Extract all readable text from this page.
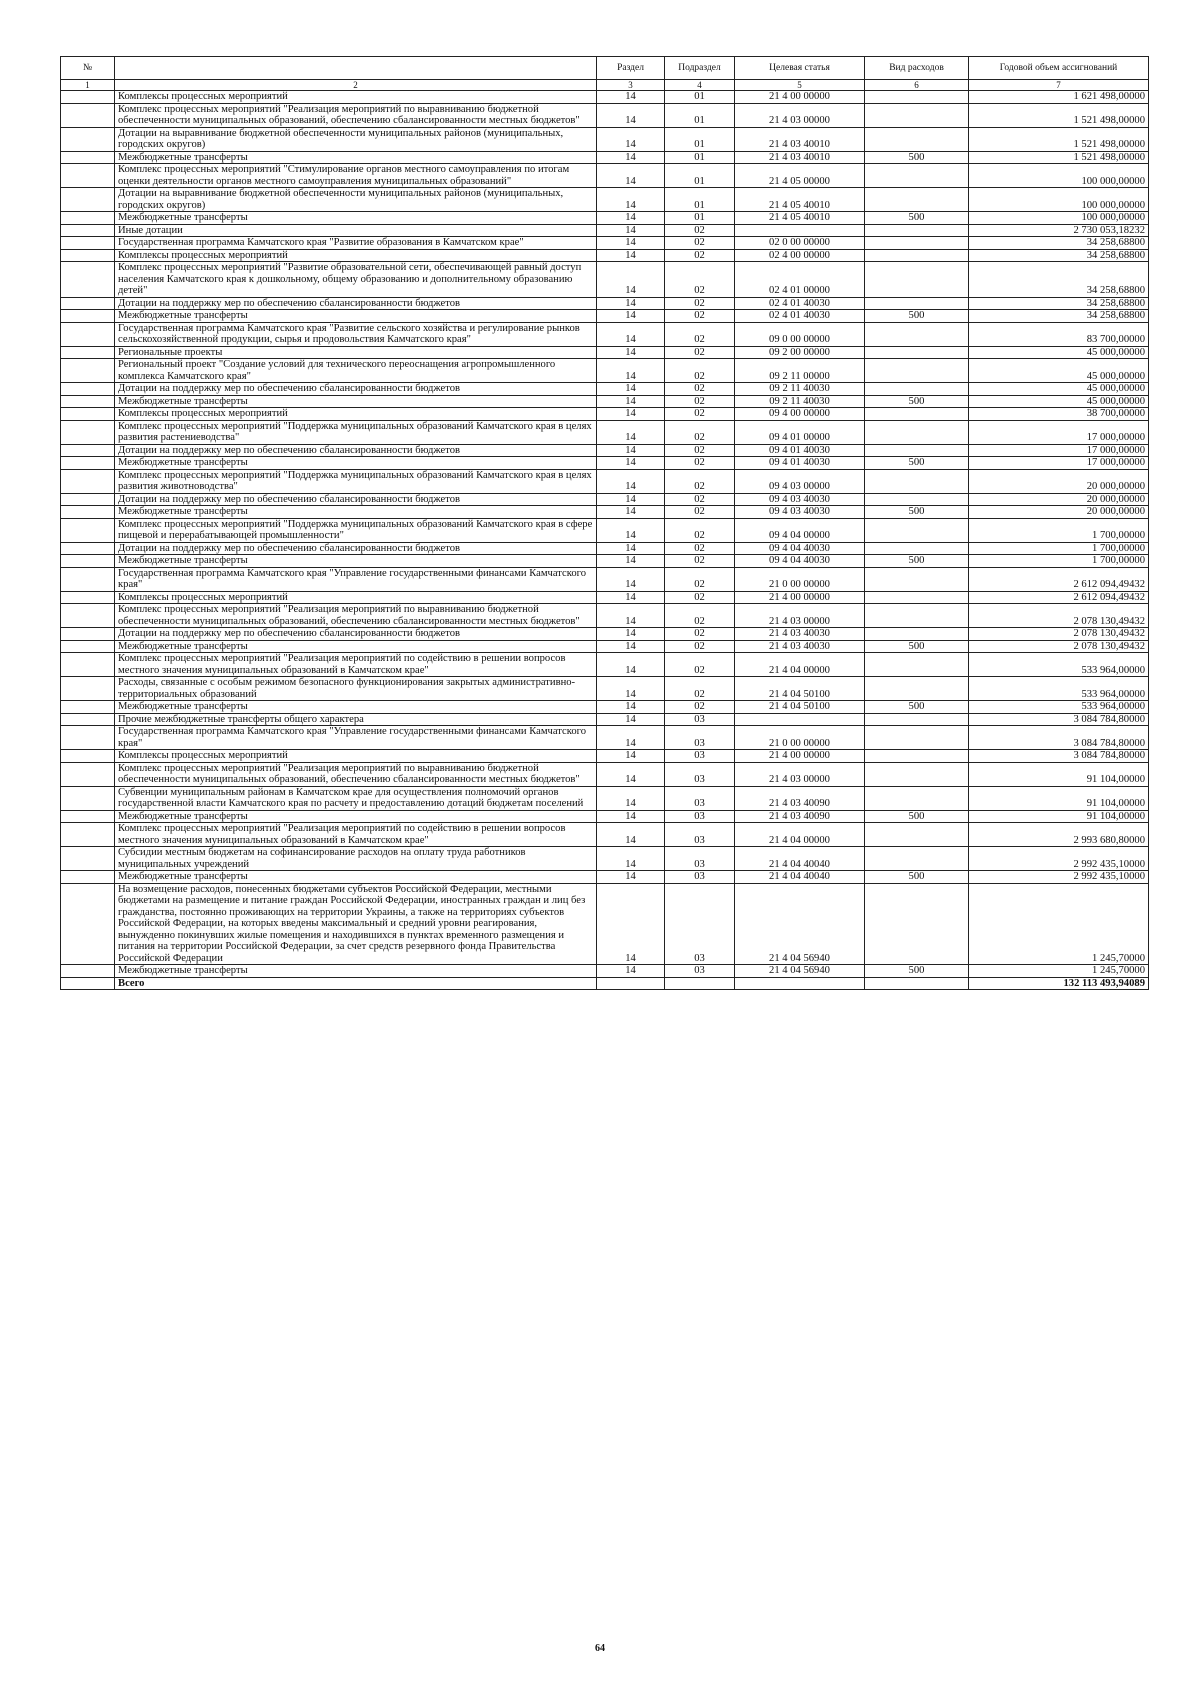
№		Раздел	Подраздел	Целевая статья	Вид расходов	Годовой объем ассигнований
1	2	3	4	5	6	7
	Комплексы процессных мероприятий	14	01	21 4 00 00000		1 621 498,00000
	Комплекс процессных мероприятий "Реализация мероприятий по выравниванию бюджетной обеспеченности муниципальных образований, обеспечению сбалансированности местных бюджетов"	14	01	21 4 03 00000		1 521 498,00000
	Дотации на выравнивание бюджетной обеспеченности муниципальных районов (муниципальных, городских округов)	14	01	21 4 03 40010		1 521 498,00000
	Межбюджетные трансферты	14	01	21 4 03 40010	500	1 521 498,00000
	Комплекс процессных мероприятий "Стимулирование органов местного самоуправления по итогам оценки деятельности органов местного самоуправления муниципальных образований"	14	01	21 4 05 00000		100 000,00000
	Дотации на выравнивание бюджетной обеспеченности муниципальных районов (муниципальных, городских округов)	14	01	21 4 05 40010		100 000,00000
	Межбюджетные трансферты	14	01	21 4 05 40010	500	100 000,00000
	Иные дотации	14	02			2 730 053,18232
	Государственная программа Камчатского края "Развитие образования в Камчатском крае"	14	02	02 0 00 00000		34 258,68800
	Комплексы процессных мероприятий	14	02	02 4 00 00000		34 258,68800
	Комплекс процессных мероприятий "Развитие образовательной сети, обеспечивающей равный доступ населения Камчатского края к дошкольному, общему образованию и дополнительному образованию детей"	14	02	02 4 01 00000		34 258,68800
	Дотации на поддержку мер по обеспечению сбалансированности бюджетов	14	02	02 4 01 40030		34 258,68800
	Межбюджетные трансферты	14	02	02 4 01 40030	500	34 258,68800
	Государственная программа Камчатского края "Развитие сельского хозяйства и регулирование рынков сельскохозяйственной продукции, сырья и продовольствия Камчатского края"	14	02	09 0 00 00000		83 700,00000
	Региональные проекты	14	02	09 2 00 00000		45 000,00000
	Региональный проект "Создание условий для технического переоснащения агропромышленного комплекса Камчатского края"	14	02	09 2 11 00000		45 000,00000
	Дотации на поддержку мер по обеспечению сбалансированности бюджетов	14	02	09 2 11 40030		45 000,00000
	Межбюджетные трансферты	14	02	09 2 11 40030	500	45 000,00000
	Комплексы процессных мероприятий	14	02	09 4 00 00000		38 700,00000
	Комплекс процессных мероприятий "Поддержка муниципальных образований Камчатского края в целях развития растениеводства"	14	02	09 4 01 00000		17 000,00000
	Дотации на поддержку мер по обеспечению сбалансированности бюджетов	14	02	09 4 01 40030		17 000,00000
	Межбюджетные трансферты	14	02	09 4 01 40030	500	17 000,00000
	Комплекс процессных мероприятий "Поддержка муниципальных образований Камчатского края в целях развития животноводства"	14	02	09 4 03 00000		20 000,00000
	Дотации на поддержку мер по обеспечению сбалансированности бюджетов	14	02	09 4 03 40030		20 000,00000
	Межбюджетные трансферты	14	02	09 4 03 40030	500	20 000,00000
	Комплекс процессных мероприятий "Поддержка муниципальных образований Камчатского края в сфере пищевой и перерабатывающей промышленности"	14	02	09 4 04 00000		1 700,00000
	Дотации на поддержку мер по обеспечению сбалансированности бюджетов	14	02	09 4 04 40030		1 700,00000
	Межбюджетные трансферты	14	02	09 4 04 40030	500	1 700,00000
	Государственная программа Камчатского края "Управление государственными финансами Камчатского края"	14	02	21 0 00 00000		2 612 094,49432
	Комплексы процессных мероприятий	14	02	21 4 00 00000		2 612 094,49432
	Комплекс процессных мероприятий "Реализация мероприятий по выравниванию бюджетной обеспеченности муниципальных образований, обеспечению сбалансированности местных бюджетов"	14	02	21 4 03 00000		2 078 130,49432
	Дотации на поддержку мер по обеспечению сбалансированности бюджетов	14	02	21 4 03 40030		2 078 130,49432
	Межбюджетные трансферты	14	02	21 4 03 40030	500	2 078 130,49432
	Комплекс процессных мероприятий "Реализация мероприятий по содействию в решении вопросов местного значения муниципальных образований в Камчатском крае"	14	02	21 4 04 00000		533 964,00000
	Расходы, связанные с особым режимом безопасного функционирования закрытых административно-территориальных образований	14	02	21 4 04 50100		533 964,00000
	Межбюджетные трансферты	14	02	21 4 04 50100	500	533 964,00000
	Прочие межбюджетные трансферты общего характера	14	03			3 084 784,80000
	Государственная программа Камчатского края "Управление государственными финансами Камчатского края"	14	03	21 0 00 00000		3 084 784,80000
	Комплексы процессных мероприятий	14	03	21 4 00 00000		3 084 784,80000
	Комплекс процессных мероприятий "Реализация мероприятий по выравниванию бюджетной обеспеченности муниципальных образований, обеспечению сбалансированности местных бюджетов"	14	03	21 4 03 00000		91 104,00000
	Субвенции муниципальным районам в Камчатском крае для осуществления полномочий органов государственной власти Камчатского края по расчету и предоставлению дотаций бюджетам поселений	14	03	21 4 03 40090		91 104,00000
	Межбюджетные трансферты	14	03	21 4 03 40090	500	91 104,00000
	Комплекс процессных мероприятий "Реализация мероприятий по содействию в решении вопросов местного значения муниципальных образований в Камчатском крае"	14	03	21 4 04 00000		2 993 680,80000
	Субсидии местным бюджетам на софинансирование расходов на оплату труда работников муниципальных учреждений	14	03	21 4 04 40040		2 992 435,10000
	Межбюджетные трансферты	14	03	21 4 04 40040	500	2 992 435,10000
	На возмещение расходов, понесенных бюджетами субъектов Российской Федерации, местными бюджетами на размещение и питание граждан Российской Федерации, иностранных граждан и лиц без гражданства, постоянно проживающих на территории Украины, а также на территориях субъектов Российской Федерации, на которых введены максимальный и средний уровни реагирования, вынужденно покинувших жилые помещения и находившихся в пунктах временного размещения и питания на территории Российской Федерации, за счет средств резервного фонда Правительства Российской Федерации	14	03	21 4 04 56940		1 245,70000
	Межбюджетные трансферты	14	03	21 4 04 56940	500	1 245,70000
	Всего					132 113 493,94089
64
